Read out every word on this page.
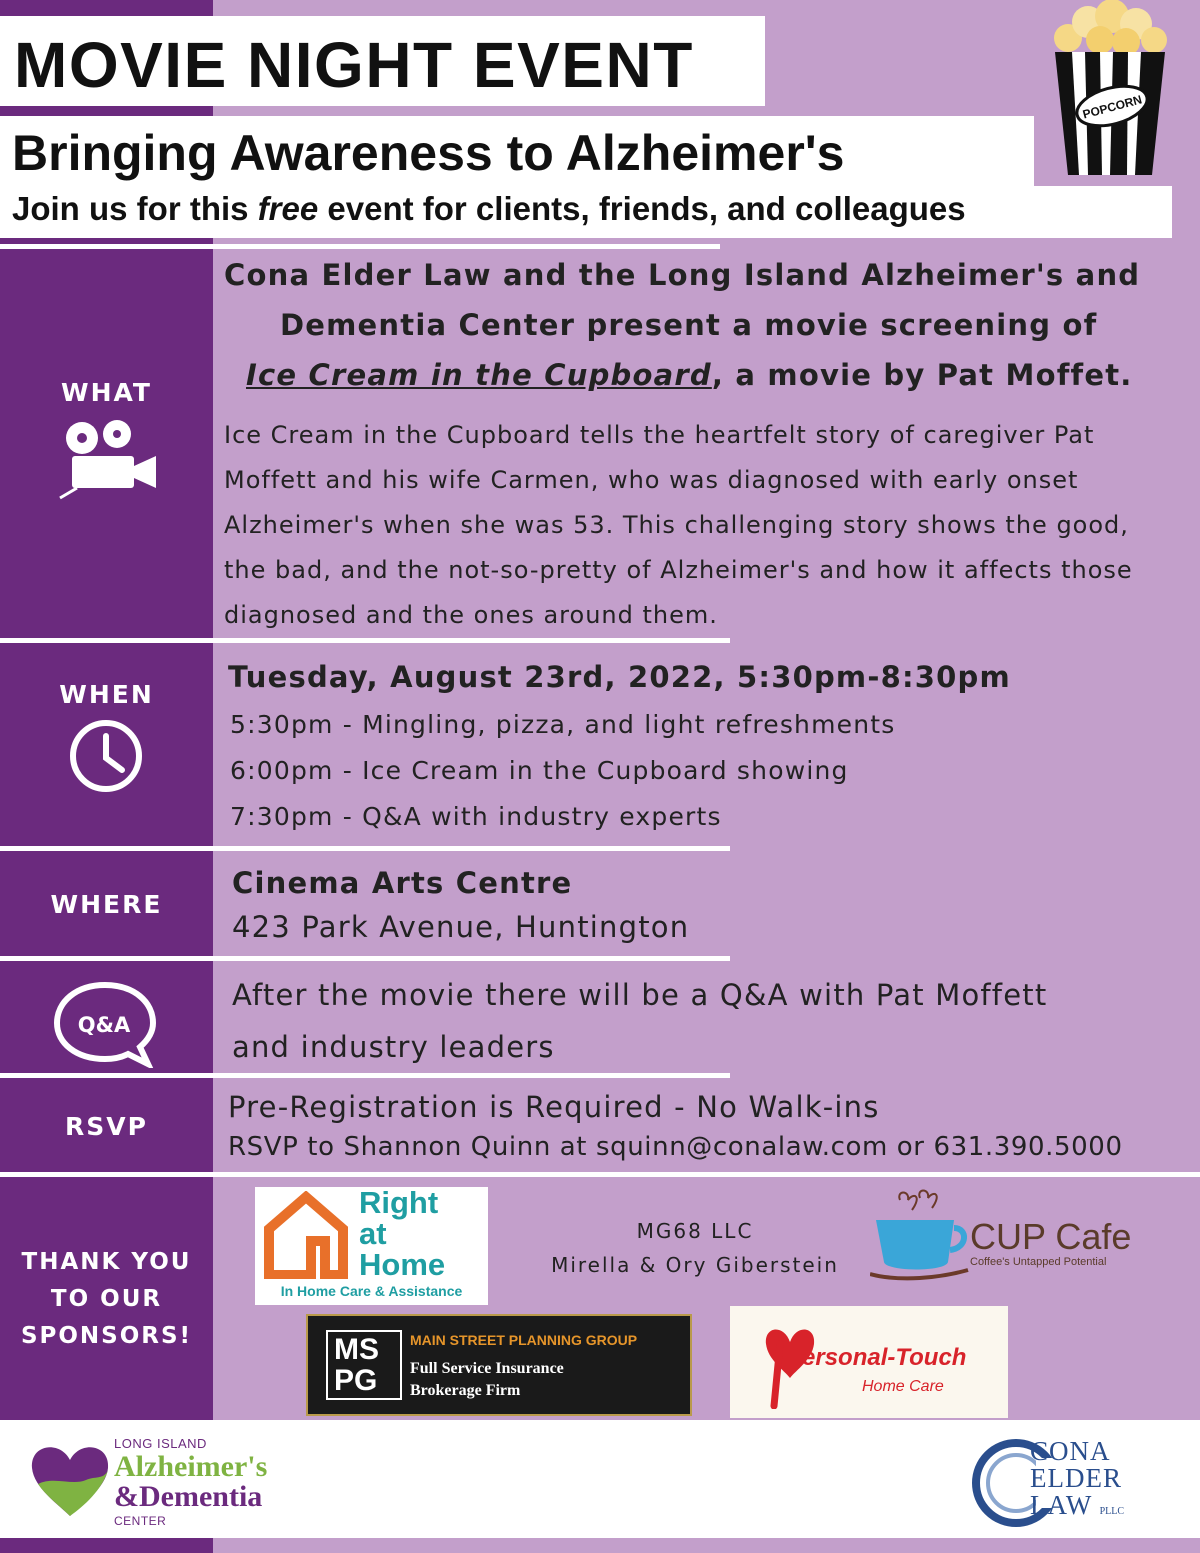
MOVIE NIGHT EVENT
Bringing Awareness to Alzheimer's
Join us for this free event for clients, friends, and colleagues
POPCORN
WHAT
Cona Elder Law and the Long Island Alzheimer's and
Dementia Center present a movie screening of
Ice Cream in the Cupboard, a movie by Pat Moffet.
Ice Cream in the Cupboard tells the heartfelt story of caregiver Pat Moffett and his wife Carmen, who was diagnosed with early onset Alzheimer's when she was 53. This challenging story shows the good, the bad, and the not-so-pretty of Alzheimer's and how it affects those diagnosed and the ones around them.
WHEN
Tuesday, August 23rd, 2022, 5:30pm-8:30pm
5:30pm - Mingling, pizza, and light refreshments
6:00pm - Ice Cream in the Cupboard showing
7:30pm - Q&A with industry experts
WHERE
Cinema Arts Centre
423 Park Avenue, Huntington
Q&A
After the movie there will be a Q&A with Pat Moffett
and industry leaders
RSVP
Pre-Registration is Required - No Walk-ins
RSVP to Shannon Quinn at squinn@conalaw.com or 631.390.5000
THANK YOU
TO OUR
SPONSORS!
Right
at
Home
In Home Care & Assistance
MG68 LLC
Mirella & Ory Giberstein
CUP Cafe
Coffee's Untapped Potential
MS
PG
MAIN STREET PLANNING GROUP
Full Service Insurance
Brokerage Firm
ersonal-Touch
Home Care
LONG ISLAND
Alzheimer's
&Dementia
CENTER
CONA
ELDER
LAW PLLC
